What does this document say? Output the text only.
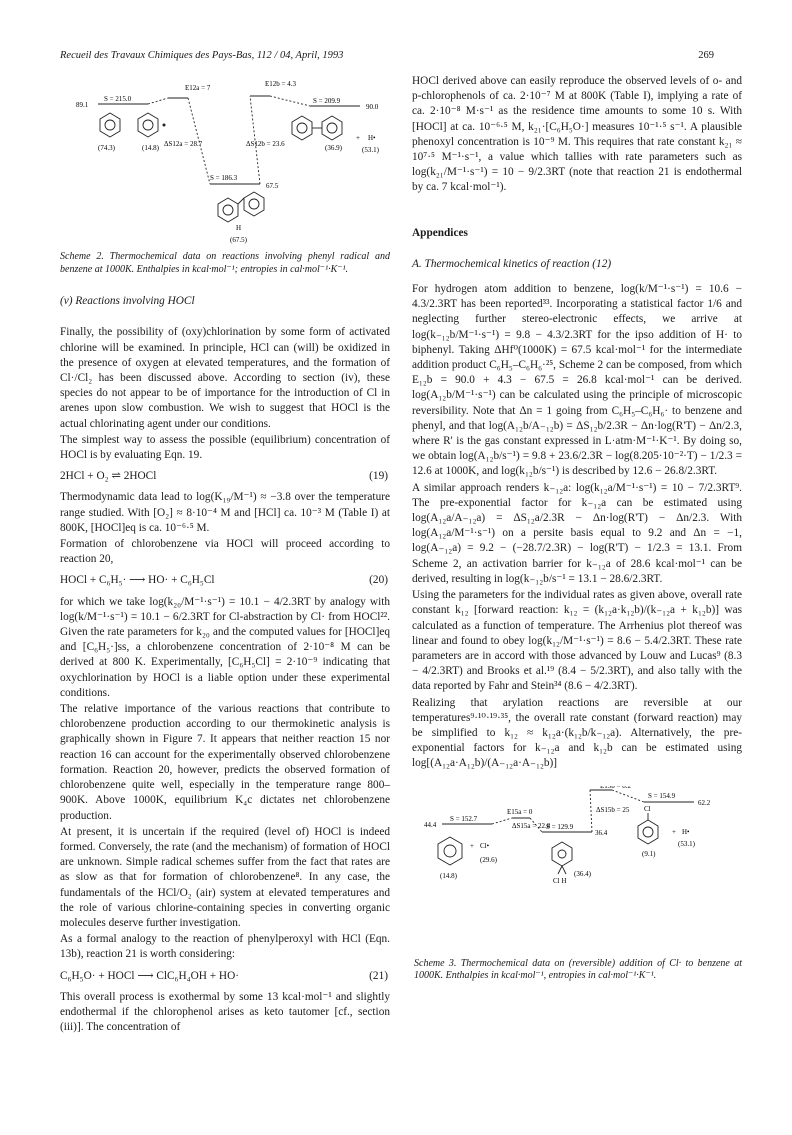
Recueil des Travaux Chimiques des Pays-Bas, 112 / 04, April, 1993	269
E12a = 7	E12b = 4.3
S = 215.0	S = 209.9
89.1	90.0
(74.3)	(14.8)	(36.9)
+ H•
(53.1)
ΔS12a = 28.7	ΔS12b = 23.6
S = 186.3
67.5
H
(67.5)
Scheme 2. Thermochemical data on reactions involving phenyl radical and benzene at 1000K. Enthalpies in kcal·mol⁻¹; entropies in cal·mol⁻¹·K⁻¹.
(v) Reactions involving HOCl

Finally, the possibility of (oxy)chlorination by some form of activated chlorine will be examined. In principle, HCl can (will) be oxidized in the presence of oxygen at elevated temperatures, and the formation of Cl·/Cl₂ has been discussed above. According to section (iv), these species do not appear to be of importance for the introduction of Cl in arenes upon slow combustion. We wish to suggest that HOCl is the actual chlorinating agent under our conditions.

The simplest way to assess the possible (equilibrium) concentration of HOCl is by evaluating Eqn. 19.

2HCl + O₂ ⇌ 2HOCl	(19)

Thermodynamic data lead to log(K₁₉/M⁻¹) ≈ −3.8 over the temperature range studied. With [O₂] ≈ 8·10⁻⁴ M and [HCl] ca. 10⁻³ M (Table I) at 800K, [HOCl]eq is ca. 10⁻⁶·⁵ M.

Formation of chlorobenzene via HOCl will proceed according to reaction 20,

HOCl + C₆H₅· ⟶ HO· + C₆H₅Cl	(20)

for which we take log(k₂₀/M⁻¹·s⁻¹) = 10.1 − 4/2.3RT by analogy with log(k/M⁻¹·s⁻¹) = 10.1 − 6/2.3RT for Cl-abstraction by Cl· from HOCl²². Given the rate parameters for k₂₀ and the computed values for [HOCl]eq and [C₆H₅·]ss, a chlorobenzene concentration of 2·10⁻⁸ M can be derived at 800 K. Experimentally, [C₆H₅Cl] = 2·10⁻⁹ indicating that oxychlorination by HOCl is a liable option under these experimental conditions.

The relative importance of the various reactions that contribute to chlorobenzene production according to our thermokinetic analysis is graphically shown in Figure 7. It appears that neither reaction 15 nor reaction 16 can account for the experimentally observed chlorobenzene formation. Reaction 20, however, predicts the observed formation of chlorobenzene quite well, especially in the temperature range 800–900K. Above 1000K, equilibrium K₄c dictates net chlorobenzene production.

At present, it is uncertain if the required (level of) HOCl is indeed formed. Conversely, the rate (and the mechanism) of formation of HOCl are unknown. Simple radical schemes suffer from the fact that rates are as slow as that for formation of chlorobenzene⁸. In any case, the fundamentals of the HCl/O₂ (air) system at elevated temperatures and the role of various chlorine-containing species in converting organic molecules deserve further investigation.

As a formal analogy to the reaction of phenylperoxyl with HCl (Eqn. 13b), reaction 21 is worth considering:

C₆H₅O· + HOCl ⟶ ClC₆H₄OH + HO·	(21)

This overall process is exothermal by some 13 kcal·mol⁻¹ and slightly endothermal if the chlorophenol arises as keto tautomer [cf., section (iii)]. The concentration of

HOCl derived above can easily reproduce the observed levels of o- and p-chlorophenols of ca. 2·10⁻⁷ M at 800K (Table I), implying a rate of ca. 2·10⁻⁸ M·s⁻¹ as the residence time amounts to some 10 s. With [HOCl] at ca. 10⁻⁶·⁵ M, k₂₁·[C₆H₅O·] measures 10⁻¹·⁵ s⁻¹. A plausible phenoxyl concentration is 10⁻⁹ M. This requires that rate constant k₂₁ ≈ 10⁷·⁵ M⁻¹·s⁻¹, a value which tallies with rate parameters such as log(k₂₁/M⁻¹·s⁻¹) = 10 − 9/2.3RT (note that reaction 21 is endothermal by ca. 7 kcal·mol⁻¹).

Appendices
A. Thermochemical kinetics of reaction (12)

For hydrogen atom addition to benzene, log(k/M⁻¹·s⁻¹) = 10.6 − 4.3/2.3RT has been reported³³. Incorporating a statistical factor 1/6 and neglecting further stereo-electronic effects, we arrive at log(k₋₁₂b/M⁻¹·s⁻¹) = 9.8 − 4.3/2.3RT for the ipso addition of H· to biphenyl. Taking ΔHf⁰(1000K) = 67.5 kcal·mol⁻¹ for the intermediate addition product C₆H₅–C₆H₆·²⁵, Scheme 2 can be composed, from which E₁₂b = 90.0 + 4.3 − 67.5 = 26.8 kcal·mol⁻¹ can be derived. log(A₁₂b/M⁻¹·s⁻¹) can be calculated using the principle of microscopic reversibility. Note that Δn = 1 going from C₆H₅–C₆H₆· to benzene and phenyl, and that log(A₁₂b/A₋₁₂b) = ΔS₁₂b/2.3R − Δn·log(R'T) − Δn/2.3, where R' is the gas constant expressed in L·atm·M⁻¹·K⁻¹. By doing so, we obtain log(A₁₂b/s⁻¹) = 9.8 + 23.6/2.3R − log(8.205·10⁻²·T) − 1/2.3 = 12.6 at 1000K, and log(k₁₂b/s⁻¹) is described by 12.6 − 26.8/2.3RT.

A similar approach renders k₋₁₂a: log(k₁₂a/M⁻¹·s⁻¹) = 10 − 7/2.3RT⁹. The pre-exponential factor for k₋₁₂a can be estimated using log(A₁₂a/A₋₁₂a) = ΔS₁₂a/2.3R − Δn·log(R'T) − Δn/2.3. With log(A₁₂a/M⁻¹·s⁻¹) on a persite basis equal to 9.2 and Δn = −1, log(A₋₁₂a) = 9.2 − (−28.7/2.3R) − log(R'T) − 1/2.3 = 13.1. From Scheme 2, an activation barrier for k₋₁₂a of 28.6 kcal·mol⁻¹ can be derived, resulting in log(k₋₁₂b/s⁻¹ = 13.1 − 28.6/2.3RT.

Using the parameters for the individual rates as given above, overall rate constant k₁₂ [forward reaction: k₁₂ = (k₁₂a·k₁₂b)/(k₋₁₂a + k₁₂b)] was calculated as a function of temperature. The Arrhenius plot thereof was linear and found to obey log(k₁₂/M⁻¹·s⁻¹) = 8.6 − 5.4/2.3RT. These rate parameters are in accord with those advanced by Louw and Lucas⁹ (8.3 − 4/2.3RT) and Brooks et al.¹⁹ (8.4 − 5/2.3RT), and also tally with the data reported by Fahr and Stein³⁴ (8.6 − 4/2.3RT).

Realizing that arylation reactions are reversible at our temperatures⁹·¹⁰·¹⁹·³⁵, the overall rate constant (forward reaction) may be simplified to k₁₂ ≈ k₁₂a·(k₁₂b/k₋₁₂a). Alternatively, the pre-exponential factors for k₋₁₂a and k₁₂b can be estimated using log[(A₁₂a·A₁₂b)/(A₋₁₂a·A₋₁₂b)]

E15b = 8.2
S = 154.9
62.2
Cl
ΔS15b = 25
44.4
S = 152.7
E15a = 0
+ H•
(53.1)
(9.1)
ΔS15a = 22.8
S = 129.9
36.4
+ Cl•
(29.6)
(14.8)	(36.4)
Cl H
Scheme 3. Thermochemical data on (reversible) addition of Cl· to benzene at 1000K. Enthalpies in kcal·mol⁻¹, entropies in cal·mol⁻¹·K⁻¹.
